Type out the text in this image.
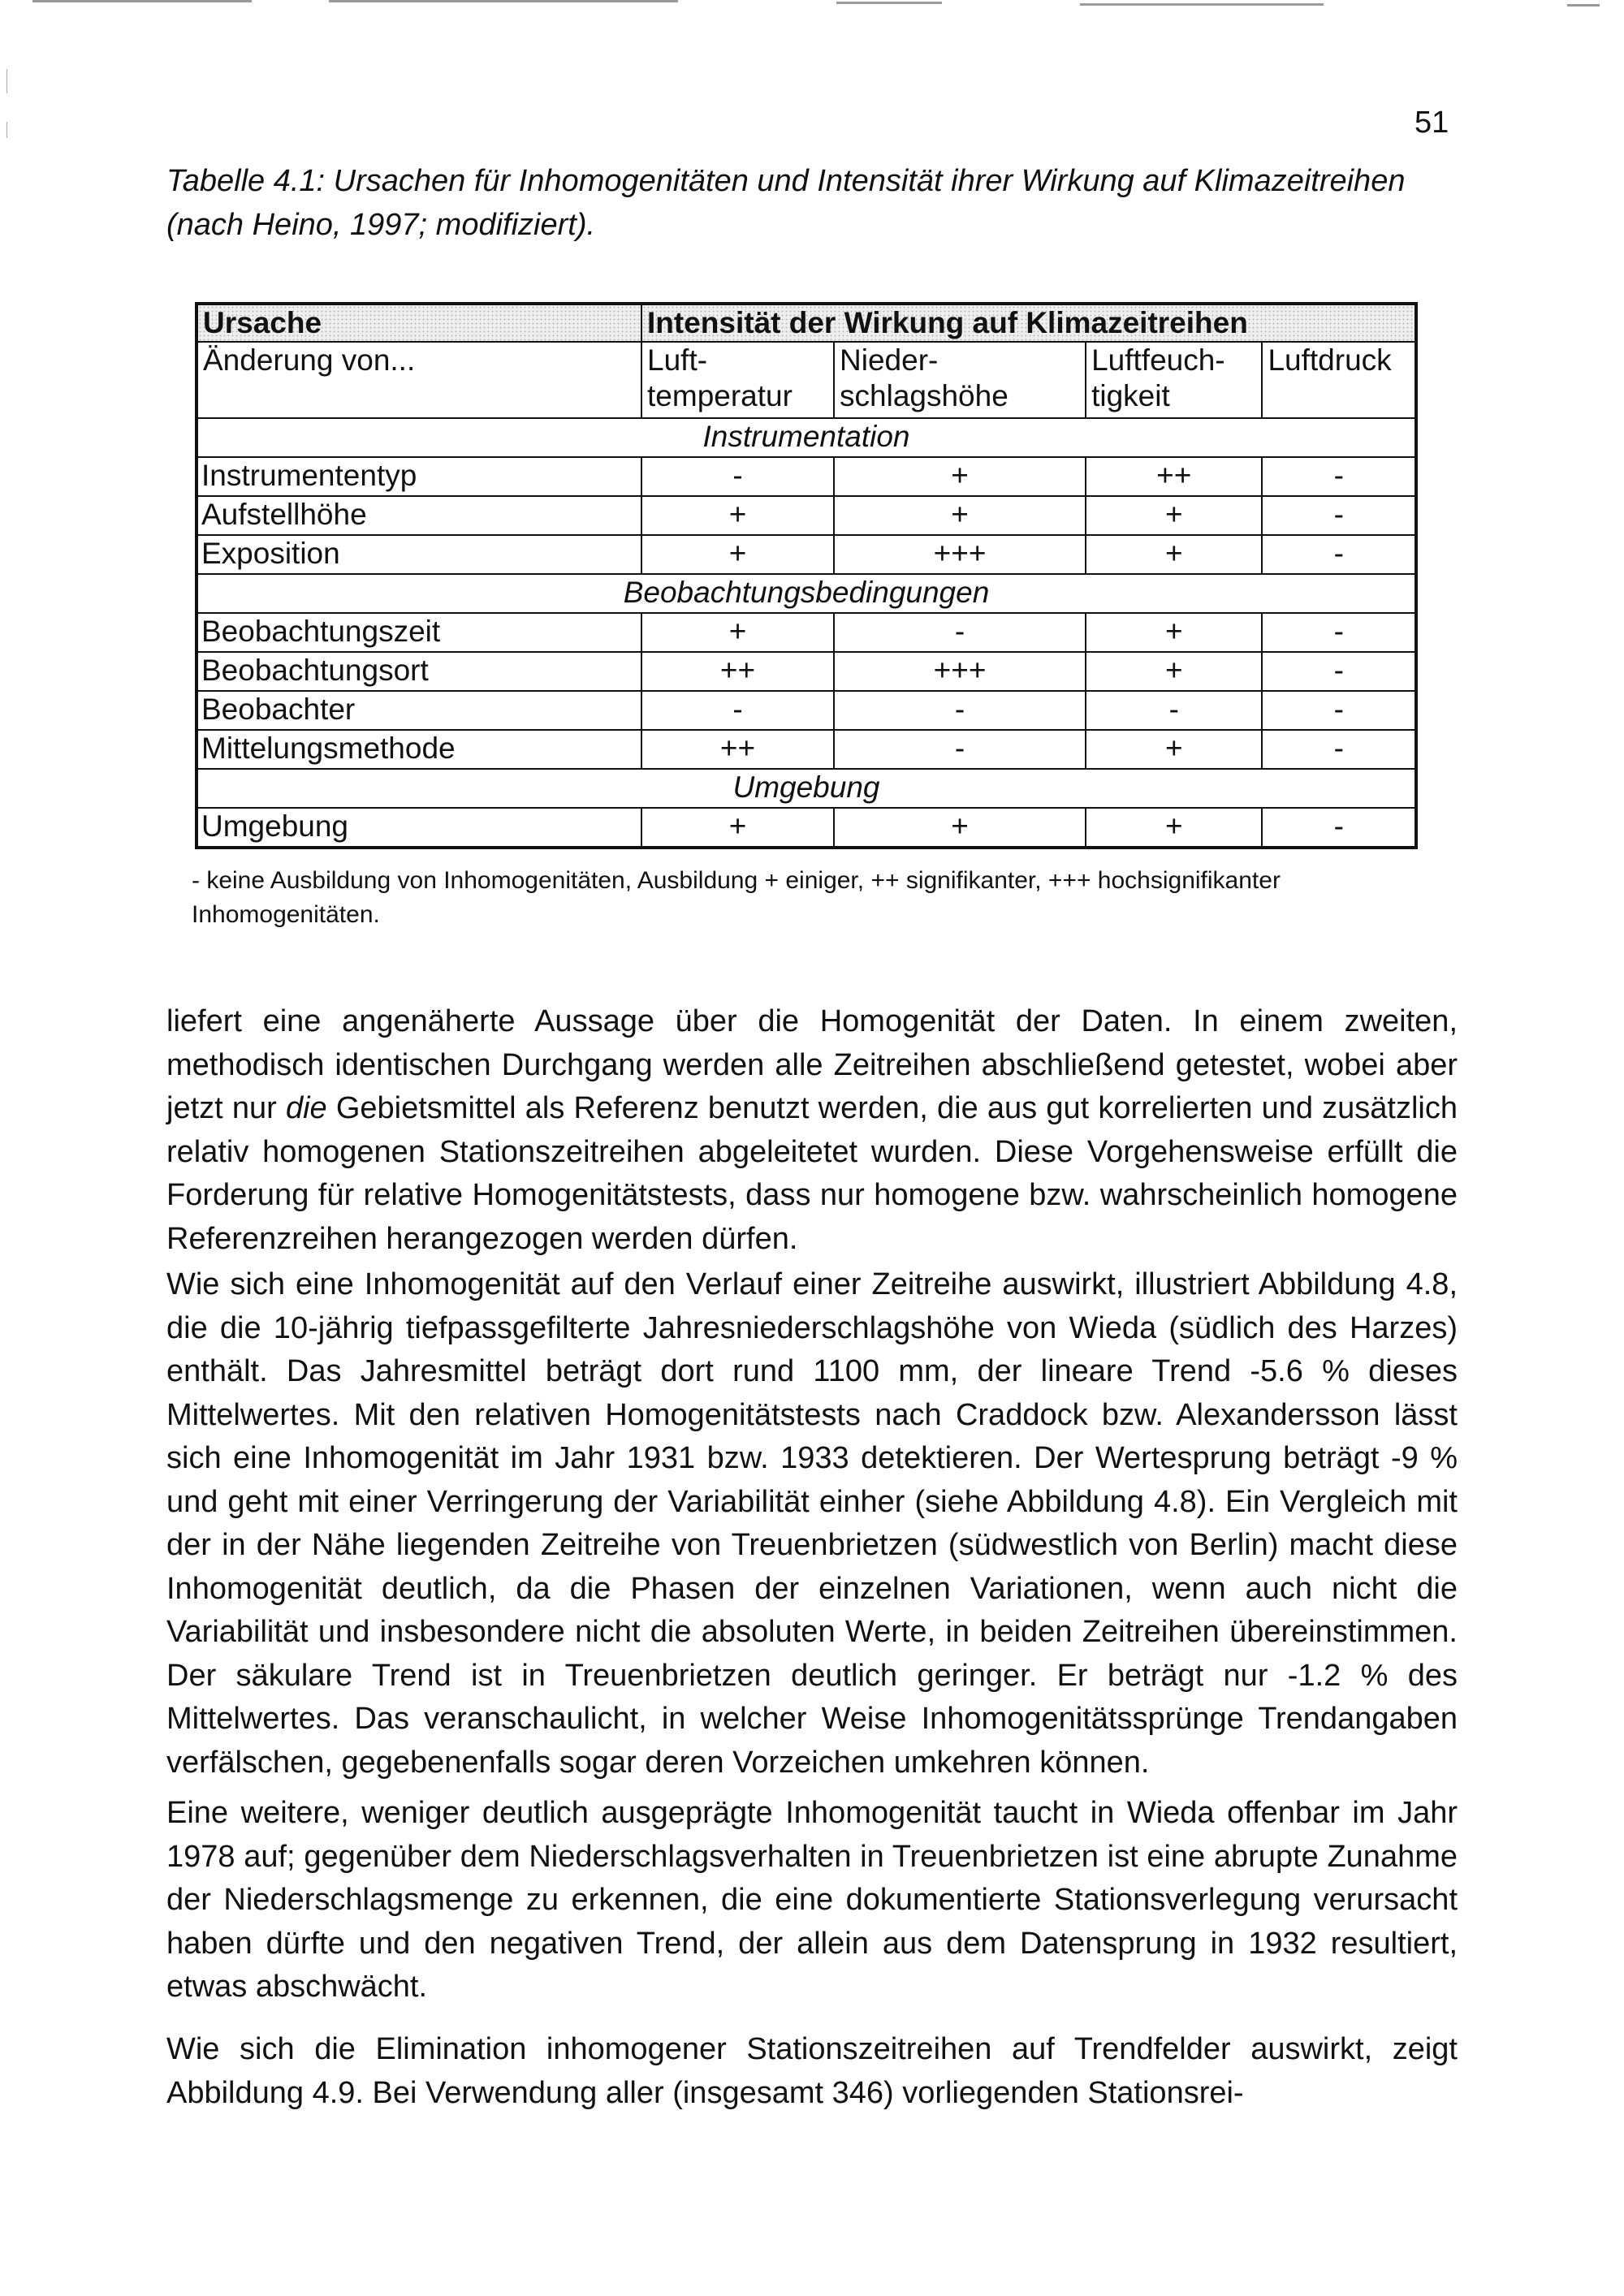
51
Tabelle 4.1: Ursachen für Inhomogenitäten und Intensität ihrer Wirkung auf Klimazeitreihen (nach Heino, 1997; modifiziert).
Ursache	Intensität der Wirkung auf Klimazeitreihen			
Änderung von...	Luft-temperatur	Nieder-schlagshöhe	Luftfeuch-tigkeit	Luftdruck
Instrumentation				
Instrumententyp	-	+	++	-
Aufstellhöhe	+	+	+	-
Exposition	+	+++	+	-
Beobachtungsbedingungen				
Beobachtungszeit	+	-	+	-
Beobachtungsort	++	+++	+	-
Beobachter	-	-	-	-
Mittelungsmethode	++	-	+	-
Umgebung				
Umgebung	+	+	+	-
- keine Ausbildung von Inhomogenitäten, Ausbildung + einiger, ++ signifikanter, +++ hochsignifikanter Inhomogenitäten.

liefert eine angenäherte Aussage über die Homogenität der Daten. In einem zweiten, methodisch identischen Durchgang werden alle Zeitreihen abschließend getestet, wobei aber jetzt nur die Gebietsmittel als Referenz benutzt werden, die aus gut korrelierten und zusätzlich relativ homogenen Stationszeitreihen abgeleitetet wurden. Diese Vorgehensweise erfüllt die Forderung für relative Homogenitätstests, dass nur homogene bzw. wahrscheinlich homogene Referenzreihen herangezogen werden dürfen.

Wie sich eine Inhomogenität auf den Verlauf einer Zeitreihe auswirkt, illustriert Abbildung 4.8, die die 10-jährig tiefpassgefilterte Jahresniederschlagshöhe von Wieda (südlich des Harzes) enthält. Das Jahresmittel beträgt dort rund 1100 mm, der lineare Trend -5.6 % dieses Mittelwertes. Mit den relativen Homogenitätstests nach Craddock bzw. Alexandersson lässt sich eine Inhomogenität im Jahr 1931 bzw. 1933 detektieren. Der Wertesprung beträgt -9 % und geht mit einer Verringerung der Variabilität einher (siehe Abbildung 4.8). Ein Vergleich mit der in der Nähe liegenden Zeitreihe von Treuenbrietzen (südwestlich von Berlin) macht diese Inhomogenität deutlich, da die Phasen der einzelnen Variationen, wenn auch nicht die Variabilität und insbesondere nicht die absoluten Werte, in beiden Zeitreihen übereinstimmen. Der säkulare Trend ist in Treuenbrietzen deutlich geringer. Er beträgt nur -1.2 % des Mittelwertes. Das veranschaulicht, in welcher Weise Inhomogenitätssprünge Trendangaben verfälschen, gegebenenfalls sogar deren Vorzeichen umkehren können.

Eine weitere, weniger deutlich ausgeprägte Inhomogenität taucht in Wieda offenbar im Jahr 1978 auf; gegenüber dem Niederschlagsverhalten in Treuenbrietzen ist eine abrupte Zunahme der Niederschlagsmenge zu erkennen, die eine dokumentierte Stationsverlegung verursacht haben dürfte und den negativen Trend, der allein aus dem Datensprung in 1932 resultiert, etwas abschwächt.

Wie sich die Elimination inhomogener Stationszeitreihen auf Trendfelder auswirkt, zeigt Abbildung 4.9. Bei Verwendung aller (insgesamt 346) vorliegenden Stationsrei-
